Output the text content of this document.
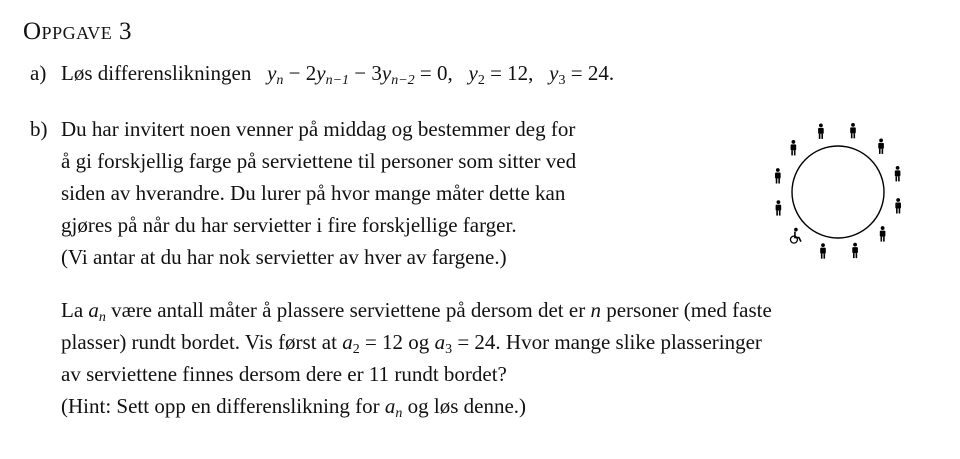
Oppgave 3
a) Løs differenslikningen $y_n - 2y_{n-1} - 3y_{n-2} = 0$, $y_2 = 12$, $y_3 = 24$.
b) Du har invitert noen venner på middag og bestemmer deg for
å gi forskjellig farge på serviettene til personer som sitter ved
siden av hverandre. Du lurer på hvor mange måter dette kan
gjøres på når du har servietter i fire forskjellige farger.
(Vi antar at du har nok servietter av hver av fargene.)
La $a_n$ være antall måter å plassere serviettene på dersom det er n personer (med faste
plasser) rundt bordet. Vis først at $a_2 = 12$ og $a_3 = 24$. Hvor mange slike plasseringer
av serviettene finnes dersom dere er 11 rundt bordet?
(Hint: Sett opp en differenslikning for $a_n$ og løs denne.)
